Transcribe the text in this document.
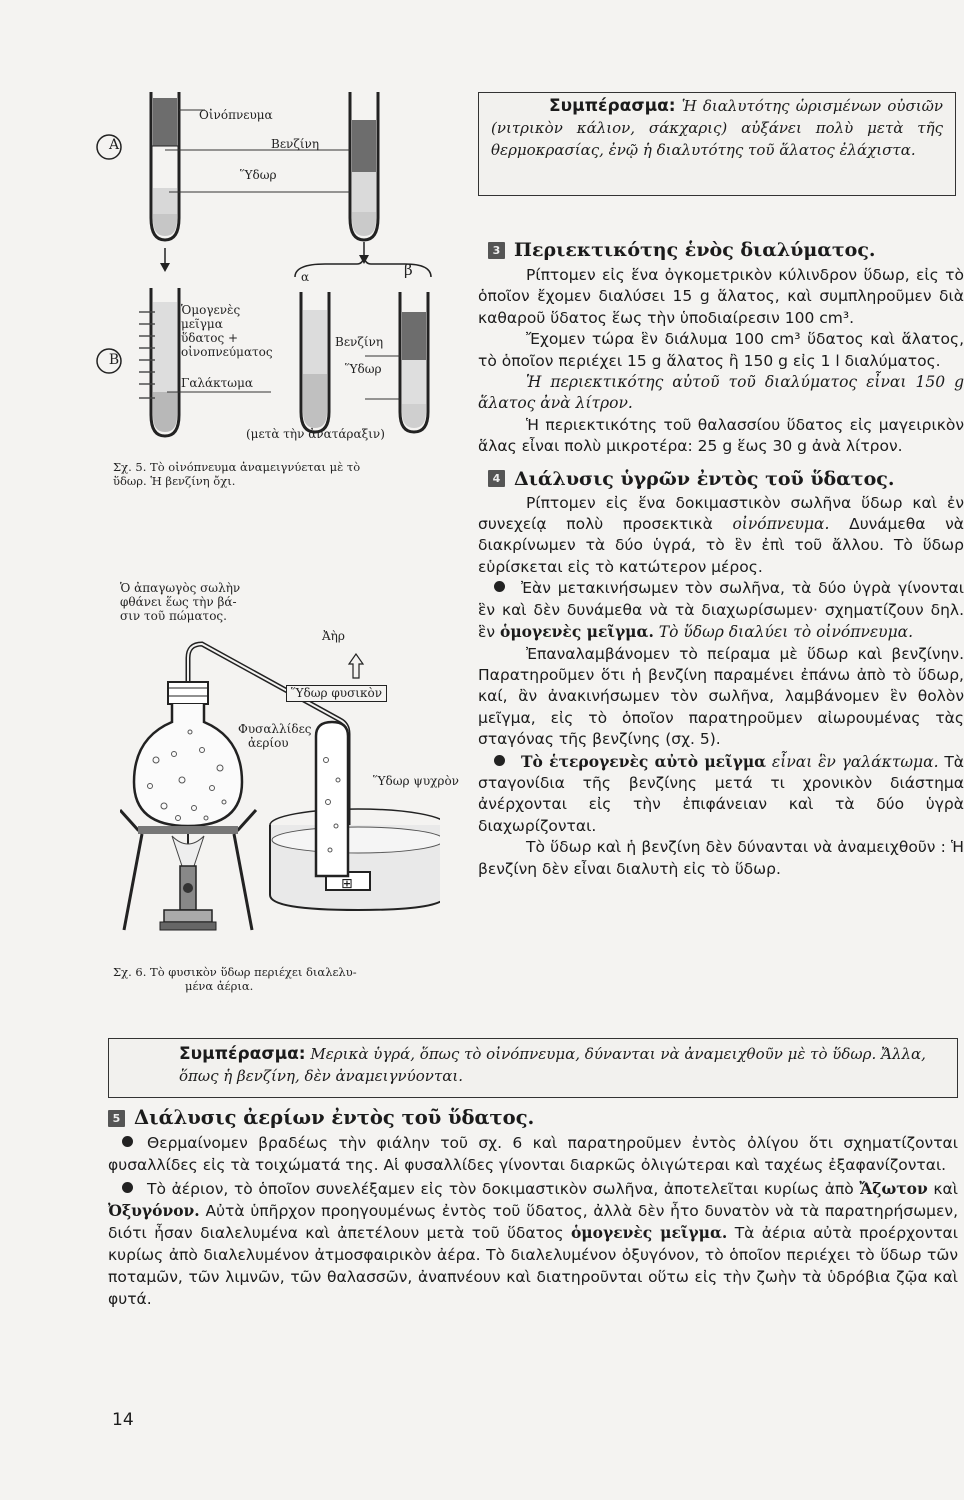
A
B
Οἰνόπνευμα
Βενζίνη
Ὕδωρ
Ὁμογενὲς
μεῖγμα
ὕδατος +
οἰνοπνεύματος
Γαλάκτωμα
α	β
Βενζίνη
Ὕδωρ
(μετὰ τὴν ἀνατάραξιν)
Σχ. 5. Τὸ οἰνόπνευμα ἀναμειγνύεται μὲ τὸ
ὕδωρ. Ἡ βενζίνη ὄχι.
Ὁ ἀπαγωγὸς σωλὴν
φθάνει ἕως τὴν βά-
σιν τοῦ πώματος.
Ἀὴρ
Ὕδωρ φυσικὸν
Φυσαλλίδες
ἀερίου
Ὕδωρ ψυχρὸν
⊞
Σχ. 6. Τὸ φυσικὸν ὕδωρ περιέχει διαλελυ-
μένα ἀέρια.
Συμπέρασμα: Ἡ διαλυτότης ὡρισμένων οὐσιῶν (νιτρικὸν κάλιον, σάκχαρις) αὐξάνει πολὺ μετὰ τῆς θερμοκρασίας, ἐνῷ ἡ διαλυτότης τοῦ ἅλατος ἐλάχιστα.
3 Περιεκτικότης ἑνὸς διαλύματος.

Ρίπτομεν εἰς ἕνα ὀγκομετρικὸν κύλινδρον ὕδωρ, εἰς τὸ ὁποῖον ἔχομεν διαλύσει 15 g ἅλατος, καὶ συμπληροῦμεν διὰ καθαροῦ ὕδατος ἕως τὴν ὑποδιαίρεσιν 100 cm³.

Ἔχομεν τώρα ἓν διάλυμα 100 cm³ ὕδατος καὶ ἅλατος, τὸ ὁποῖον περιέχει 15 g ἅλατος ἢ 150 g εἰς 1 l διαλύματος.

Ἡ περιεκτικότης αὐτοῦ τοῦ διαλύματος εἶναι 150 g ἅλατος ἀνὰ λίτρον.

Ἡ περιεκτικότης τοῦ θαλασσίου ὕδατος εἰς μαγειρικὸν ἅλας εἶναι πολὺ μικροτέρα: 25 g ἕως 30 g ἀνὰ λίτρον.

4 Διάλυσις ὑγρῶν ἐντὸς τοῦ ὕδατος.

Ρίπτομεν εἰς ἕνα δοκιμαστικὸν σωλῆνα ὕδωρ καὶ ἐν συνεχείᾳ πολὺ προσεκτικὰ οἰνόπνευμα. Δυνάμεθα νὰ διακρίνωμεν τὰ δύο ὑγρά, τὸ ἓν ἐπὶ τοῦ ἄλλου. Τὸ ὕδωρ εὑρίσκεται εἰς τὸ κατώτερον μέρος.

Ἐὰν μετακινήσωμεν τὸν σωλῆνα, τὰ δύο ὑγρὰ γίνονται ἓν καὶ δὲν δυνάμεθα νὰ τὰ διαχωρίσωμεν· σχηματίζουν δηλ. ἓν ὁμογενὲς μεῖγμα. Τὸ ὕδωρ διαλύει τὸ οἰνόπνευμα.

Ἐπαναλαμβάνομεν τὸ πείραμα μὲ ὕδωρ καὶ βενζίνην. Παρατηροῦμεν ὅτι ἡ βενζίνη παραμένει ἐπάνω ἀπὸ τὸ ὕδωρ, καί, ἂν ἀνακινήσωμεν τὸν σωλῆνα, λαμβάνομεν ἓν θολὸν μεῖγμα, εἰς τὸ ὁποῖον παρατηροῦμεν αἰωρουμένας τὰς σταγόνας τῆς βενζίνης (σχ. 5).

Τὸ ἑτερογενὲς αὐτὸ μεῖγμα εἶναι ἓν γαλάκτωμα. Τὰ σταγονίδια τῆς βενζίνης μετά τι χρονικὸν διάστημα ἀνέρχονται εἰς τὴν ἐπιφάνειαν καὶ τὰ δύο ὑγρὰ διαχωρίζονται.

Τὸ ὕδωρ καὶ ἡ βενζίνη δὲν δύνανται νὰ ἀναμειχθοῦν : Ἡ βενζίνη δὲν εἶναι διαλυτὴ εἰς τὸ ὕδωρ.

Συμπέρασμα: Μερικὰ ὑγρά, ὅπως τὸ οἰνόπνευμα, δύνανται νὰ ἀναμειχθοῦν μὲ τὸ ὕδωρ. Ἄλλα, ὅπως ἡ βενζίνη, δὲν ἀναμειγνύονται.
5 Διάλυσις ἀερίων ἐντὸς τοῦ ὕδατος.

Θερμαίνομεν βραδέως τὴν φιάλην τοῦ σχ. 6 καὶ παρατηροῦμεν ἐντὸς ὀλίγου ὅτι σχηματίζονται φυσαλλίδες εἰς τὰ τοιχώματά της. Αἱ φυσαλλίδες γίνονται διαρκῶς ὀλιγώτεραι καὶ ταχέως ἐξαφανίζονται.

Τὸ ἀέριον, τὸ ὁποῖον συνελέξαμεν εἰς τὸν δοκιμαστικὸν σωλῆνα, ἀποτελεῖται κυρίως ἀπὸ Ἄζωτον καὶ Ὀξυγόνον. Αὐτὰ ὑπῆρχον προηγουμένως ἐντὸς τοῦ ὕδατος, ἀλλὰ δὲν ἦτο δυνατὸν νὰ τὰ παρατηρήσωμεν, διότι ἦσαν διαλελυμένα καὶ ἀπετέλουν μετὰ τοῦ ὕδατος ὁμογενὲς μεῖγμα. Τὰ ἀέρια αὐτὰ προέρχονται κυρίως ἀπὸ διαλελυμένον ἀτμοσφαιρικὸν ἀέρα. Τὸ διαλελυμένον ὀξυγόνον, τὸ ὁποῖον περιέχει τὸ ὕδωρ τῶν ποταμῶν, τῶν λιμνῶν, τῶν θαλασσῶν, ἀναπνέουν καὶ διατηροῦνται οὕτω εἰς τὴν ζωὴν τὰ ὑδρόβια ζῷα καὶ φυτά.

14
